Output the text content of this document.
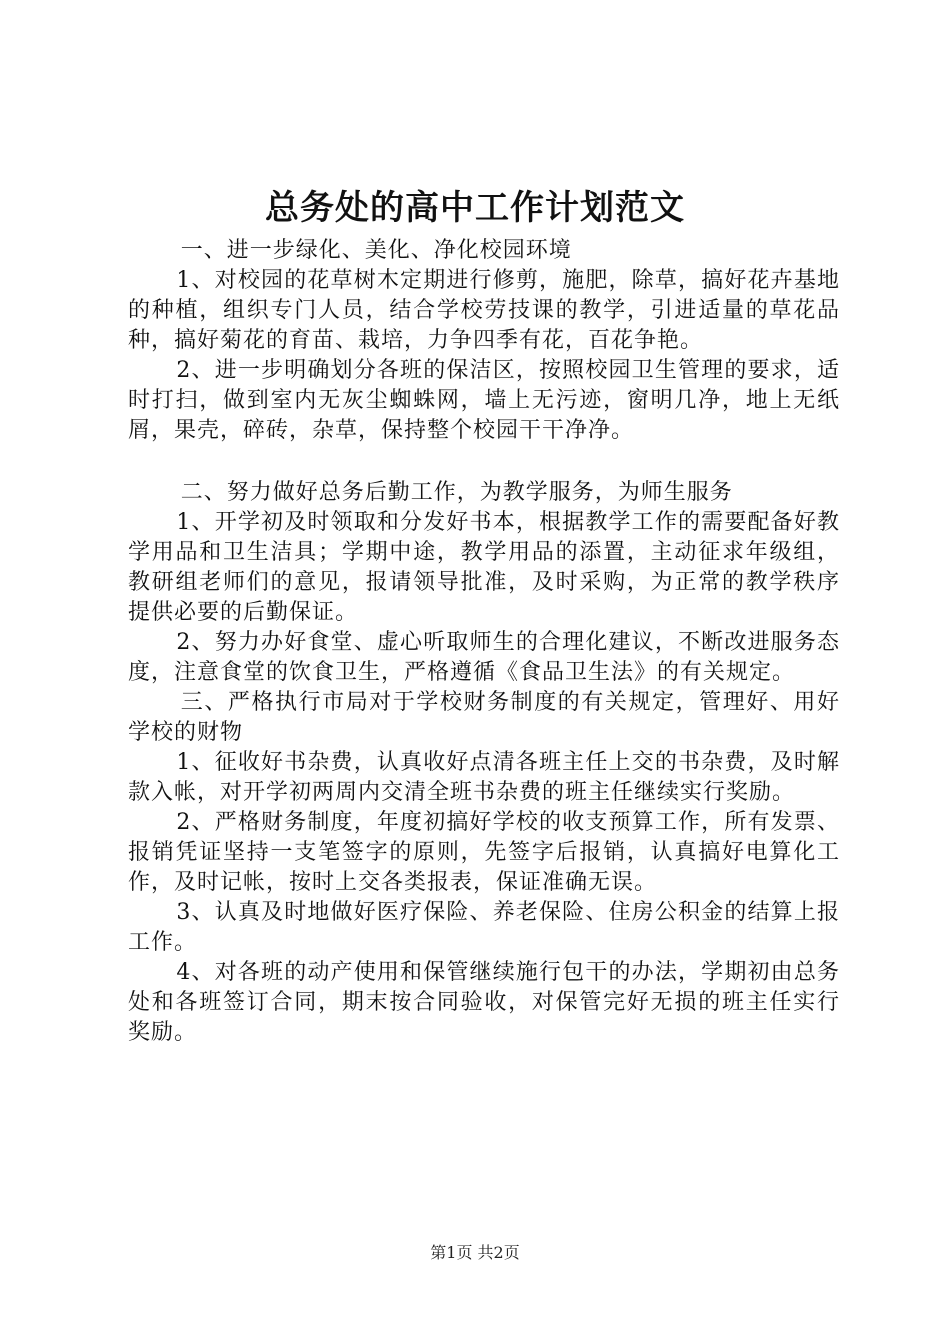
总务处的高中工作计划范文

一、进一步绿化、美化、净化校园环境

1、对校园的花草树木定期进行修剪，施肥，除草，搞好花卉基地的种植，组织专门人员，结合学校劳技课的教学，引进适量的草花品种，搞好菊花的育苗、栽培，力争四季有花，百花争艳。

2、进一步明确划分各班的保洁区，按照校园卫生管理的要求，适时打扫，做到室内无灰尘蜘蛛网，墙上无污迹，窗明几净，地上无纸屑，果壳，碎砖，杂草，保持整个校园干干净净。

二、努力做好总务后勤工作，为教学服务，为师生服务

1、开学初及时领取和分发好书本，根据教学工作的需要配备好教学用品和卫生洁具；学期中途，教学用品的添置，主动征求年级组，教研组老师们的意见，报请领导批准，及时采购，为正常的教学秩序提供必要的后勤保证。

2、努力办好食堂、虚心听取师生的合理化建议，不断改进服务态度，注意食堂的饮食卫生，严格遵循《食品卫生法》的有关规定。

三、严格执行市局对于学校财务制度的有关规定，管理好、用好学校的财物

1、征收好书杂费，认真收好点清各班主任上交的书杂费，及时解款入帐，对开学初两周内交清全班书杂费的班主任继续实行奖励。

2、严格财务制度，年度初搞好学校的收支预算工作，所有发票、报销凭证坚持一支笔签字的原则，先签字后报销，认真搞好电算化工作，及时记帐，按时上交各类报表，保证准确无误。

3、认真及时地做好医疗保险、养老保险、住房公积金的结算上报工作。

4、对各班的动产使用和保管继续施行包干的办法，学期初由总务处和各班签订合同，期末按合同验收，对保管完好无损的班主任实行奖励。

第1页 共2页
